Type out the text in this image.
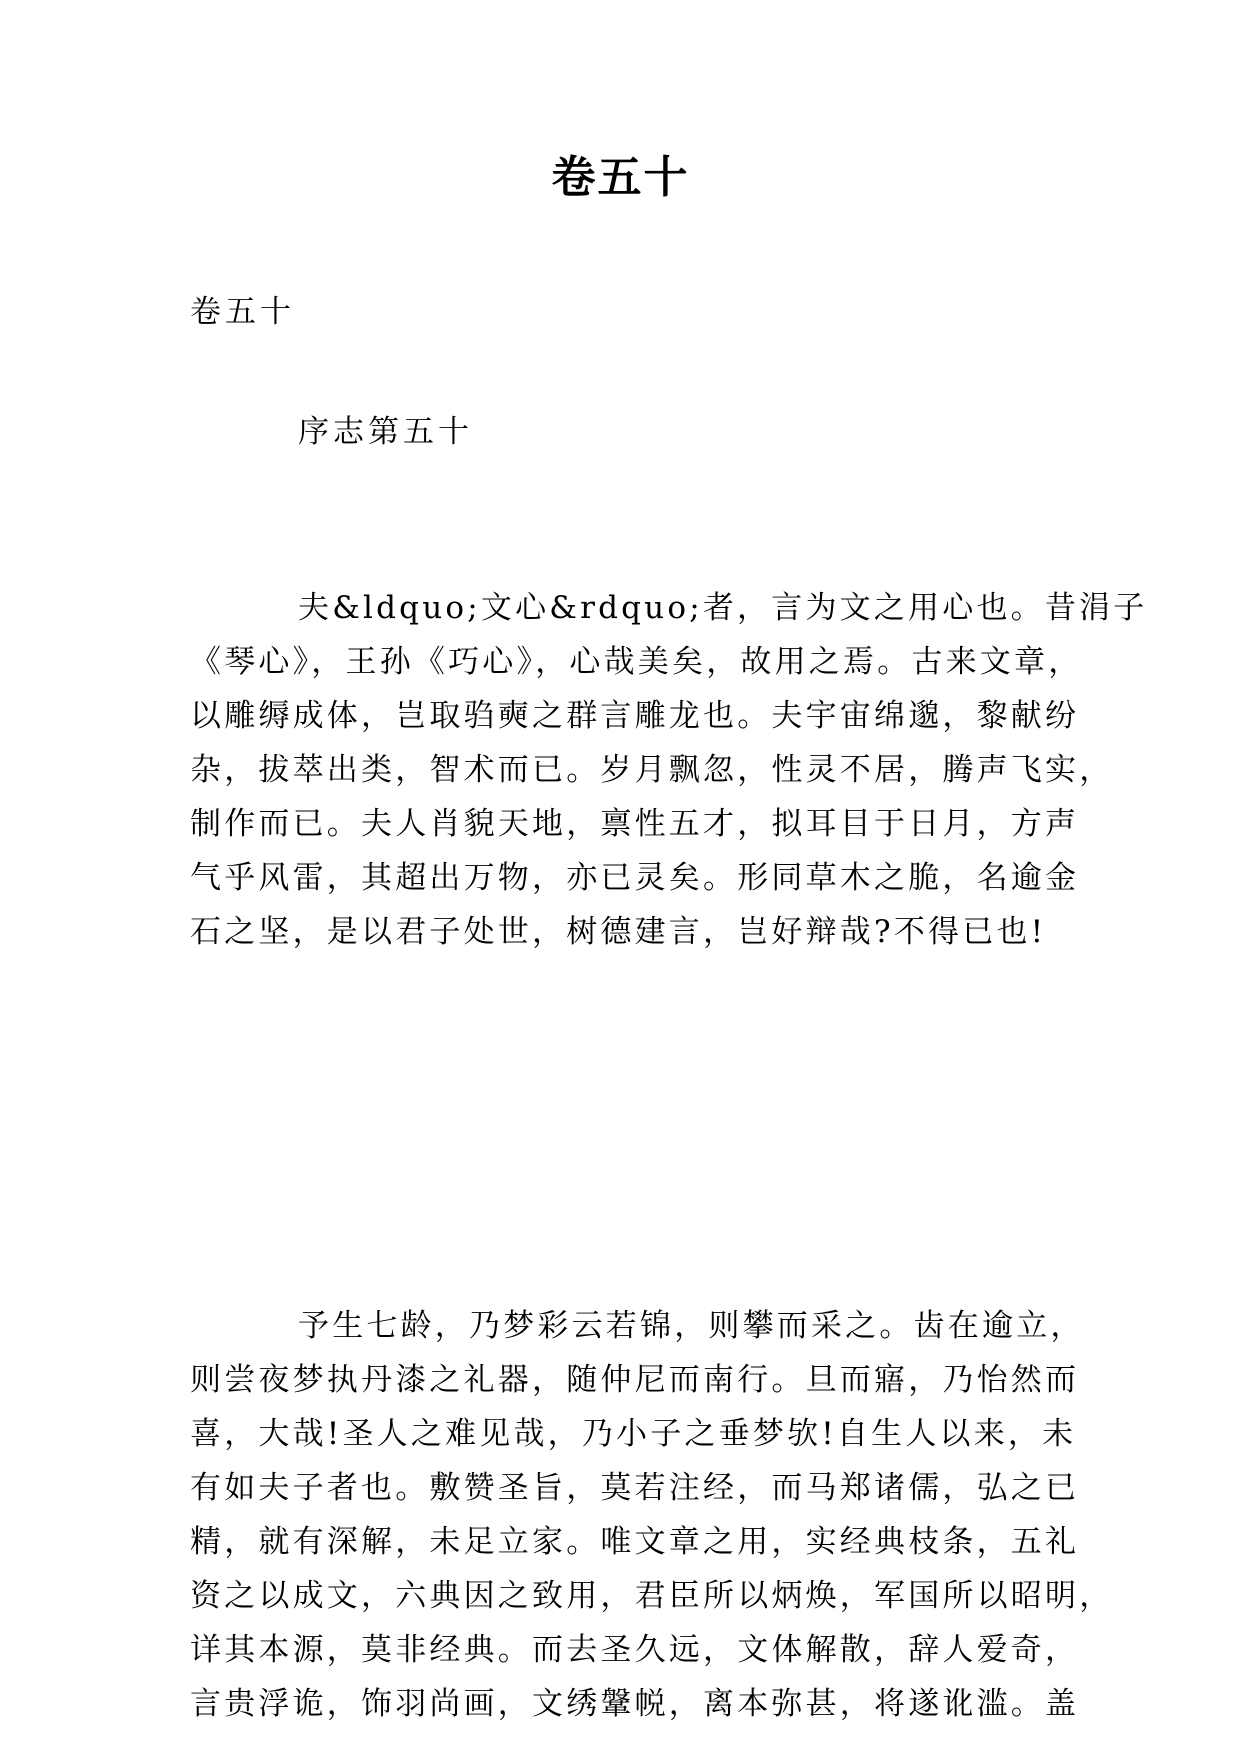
卷五十

卷五十

序志第五十

夫&ldquo;文心&rdquo;者，言为文之用心也。昔涓子
《琴心》，王孙《巧心》，心哉美矣，故用之焉。古来文章，
以雕缛成体，岂取驺奭之群言雕龙也。夫宇宙绵邈，黎献纷
杂，拔萃出类，智术而已。岁月飘忽，性灵不居，腾声飞实，
制作而已。夫人肖貌天地，禀性五才，拟耳目于日月，方声
气乎风雷，其超出万物，亦已灵矣。形同草木之脆，名逾金
石之坚，是以君子处世，树德建言，岂好辩哉?不得已也!
予生七龄，乃梦彩云若锦，则攀而采之。齿在逾立，
则尝夜梦执丹漆之礼器，随仲尼而南行。旦而寤，乃怡然而
喜，大哉!圣人之难见哉，乃小子之垂梦欤!自生人以来，未
有如夫子者也。敷赞圣旨，莫若注经，而马郑诸儒，弘之已
精，就有深解，未足立家。唯文章之用，实经典枝条，五礼
资之以成文，六典因之致用，君臣所以炳焕，军国所以昭明，
详其本源，莫非经典。而去圣久远，文体解散，辞人爱奇，
言贵浮诡，饰羽尚画，文绣鞶帨，离本弥甚，将遂讹滥。盖
